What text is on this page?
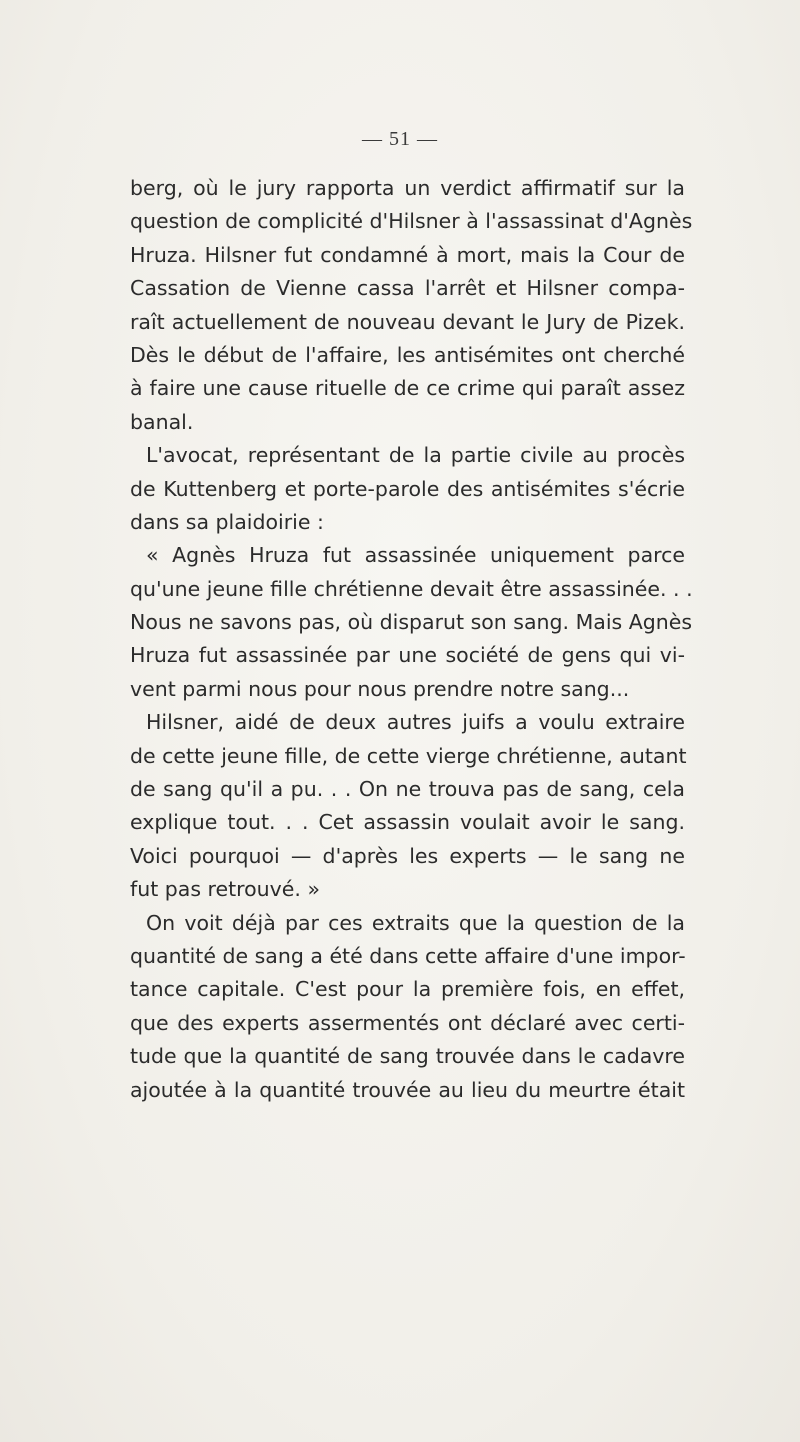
— 51 —
berg, où le jury rapporta un verdict affirmatif sur la
question de complicité d'Hilsner à l'assassinat d'Agnès
Hruza. Hilsner fut condamné à mort, mais la Cour de
Cassation de Vienne cassa l'arrêt et Hilsner compa-
raît actuellement de nouveau devant le Jury de Pizek.
Dès le début de l'affaire, les antisémites ont cherché
à faire une cause rituelle de ce crime qui paraît assez
banal.
L'avocat, représentant de la partie civile au procès
de Kuttenberg et porte-parole des antisémites s'écrie
dans sa plaidoirie :
« Agnès Hruza fut assassinée uniquement parce
qu'une jeune fille chrétienne devait être assassinée. . .
Nous ne savons pas, où disparut son sang. Mais Agnès
Hruza fut assassinée par une société de gens qui vi-
vent parmi nous pour nous prendre notre sang...
Hilsner, aidé de deux autres juifs a voulu extraire
de cette jeune fille, de cette vierge chrétienne, autant
de sang qu'il a pu. . . On ne trouva pas de sang, cela
explique tout. . . Cet assassin voulait avoir le sang.
Voici pourquoi — d'après les experts — le sang ne
fut pas retrouvé. »
On voit déjà par ces extraits que la question de la
quantité de sang a été dans cette affaire d'une impor-
tance capitale. C'est pour la première fois, en effet,
que des experts assermentés ont déclaré avec certi-
tude que la quantité de sang trouvée dans le cadavre
ajoutée à la quantité trouvée au lieu du meurtre était
